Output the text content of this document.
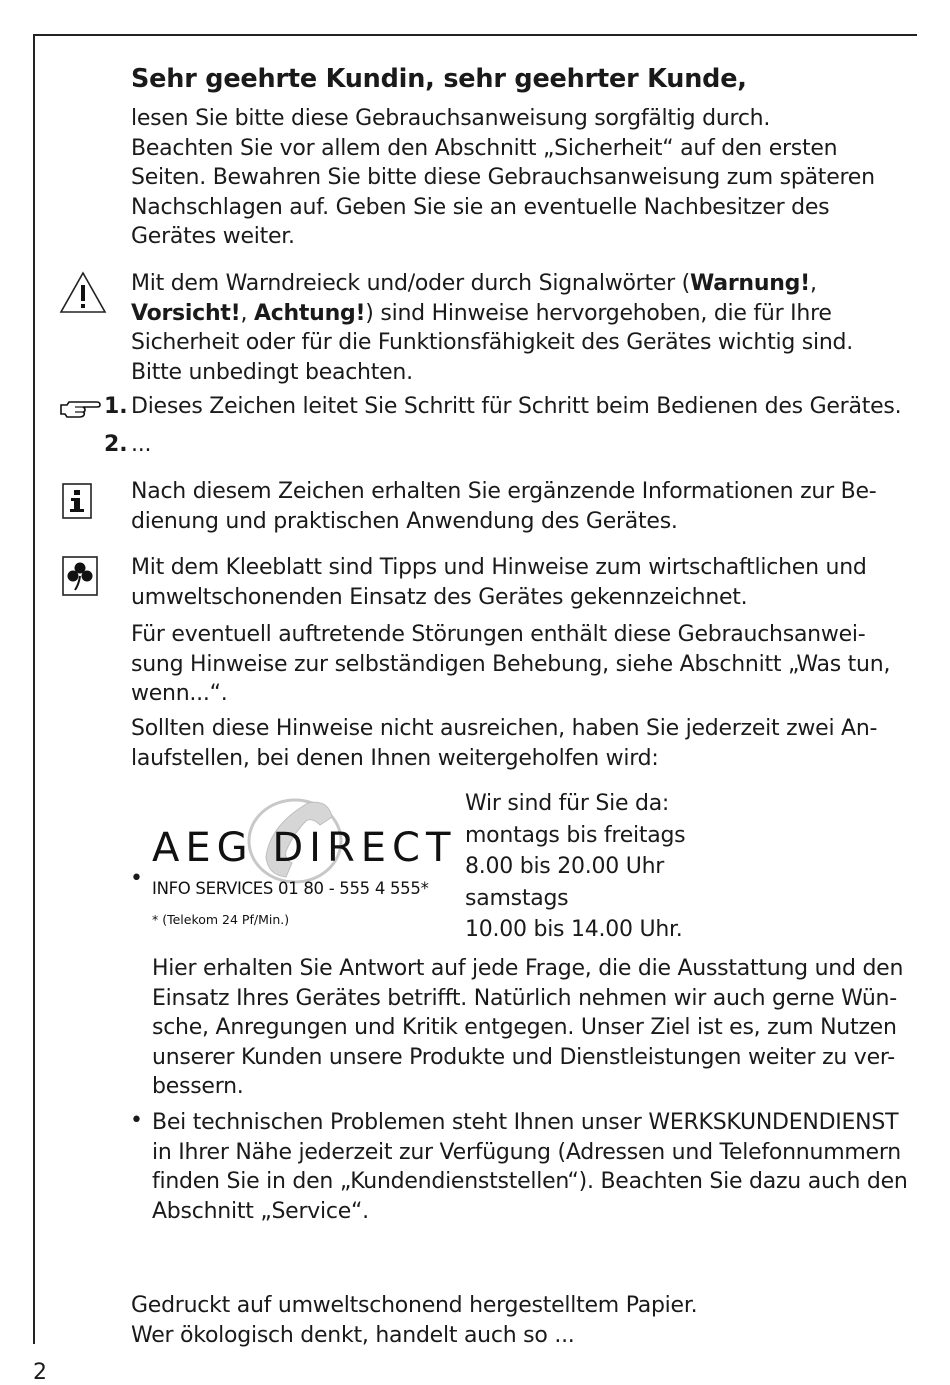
Sehr geehrte Kundin, sehr geehrter Kunde,
lesen Sie bitte diese Gebrauchsanweisung sorgfältig durch.
Beachten Sie vor allem den Abschnitt „Sicherheit“ auf den ersten
Seiten. Bewahren Sie bitte diese Gebrauchsanweisung zum späteren
Nachschlagen auf. Geben Sie sie an eventuelle Nachbesitzer des
Gerätes weiter.
Mit dem Warndreieck und/oder durch Signalwörter (Warnung!,
Vorsicht!, Achtung!) sind Hinweise hervorgehoben, die für Ihre
Sicherheit oder für die Funktionsfähigkeit des Gerätes wichtig sind.
Bitte unbedingt beachten.
1. Dieses Zeichen leitet Sie Schritt für Schritt beim Bedienen des Gerätes.
2. ...
Nach diesem Zeichen erhalten Sie ergänzende Informationen zur Be-
dienung und praktischen Anwendung des Gerätes.
Mit dem Kleeblatt sind Tipps und Hinweise zum wirtschaftlichen und
umweltschonenden Einsatz des Gerätes gekennzeichnet.
Für eventuell auftretende Störungen enthält diese Gebrauchsanwei-
sung Hinweise zur selbständigen Behebung, siehe Abschnitt „Was tun,
wenn...“.
Sollten diese Hinweise nicht ausreichen, haben Sie jederzeit zwei An-
laufstellen, bei denen Ihnen weitergeholfen wird:
•
AEG DIRECT
INFO SERVICES 01 80 - 555 4 555*
* (Telekom 24 Pf/Min.)
Wir sind für Sie da:
montags bis freitags
8.00 bis 20.00 Uhr
samstags
10.00 bis 14.00 Uhr.
Hier erhalten Sie Antwort auf jede Frage, die die Ausstattung und den
Einsatz Ihres Gerätes betrifft. Natürlich nehmen wir auch gerne Wün-
sche, Anregungen und Kritik entgegen. Unser Ziel ist es, zum Nutzen
unserer Kunden unsere Produkte und Dienstleistungen weiter zu ver-
bessern.
• Bei technischen Problemen steht Ihnen unser WERKSKUNDENDIENST
in Ihrer Nähe jederzeit zur Verfügung (Adressen und Telefonnummern
finden Sie in den „Kundendienststellen“). Beachten Sie dazu auch den
Abschnitt „Service“.
Gedruckt auf umweltschonend hergestelltem Papier.
Wer ökologisch denkt, handelt auch so ...
2
